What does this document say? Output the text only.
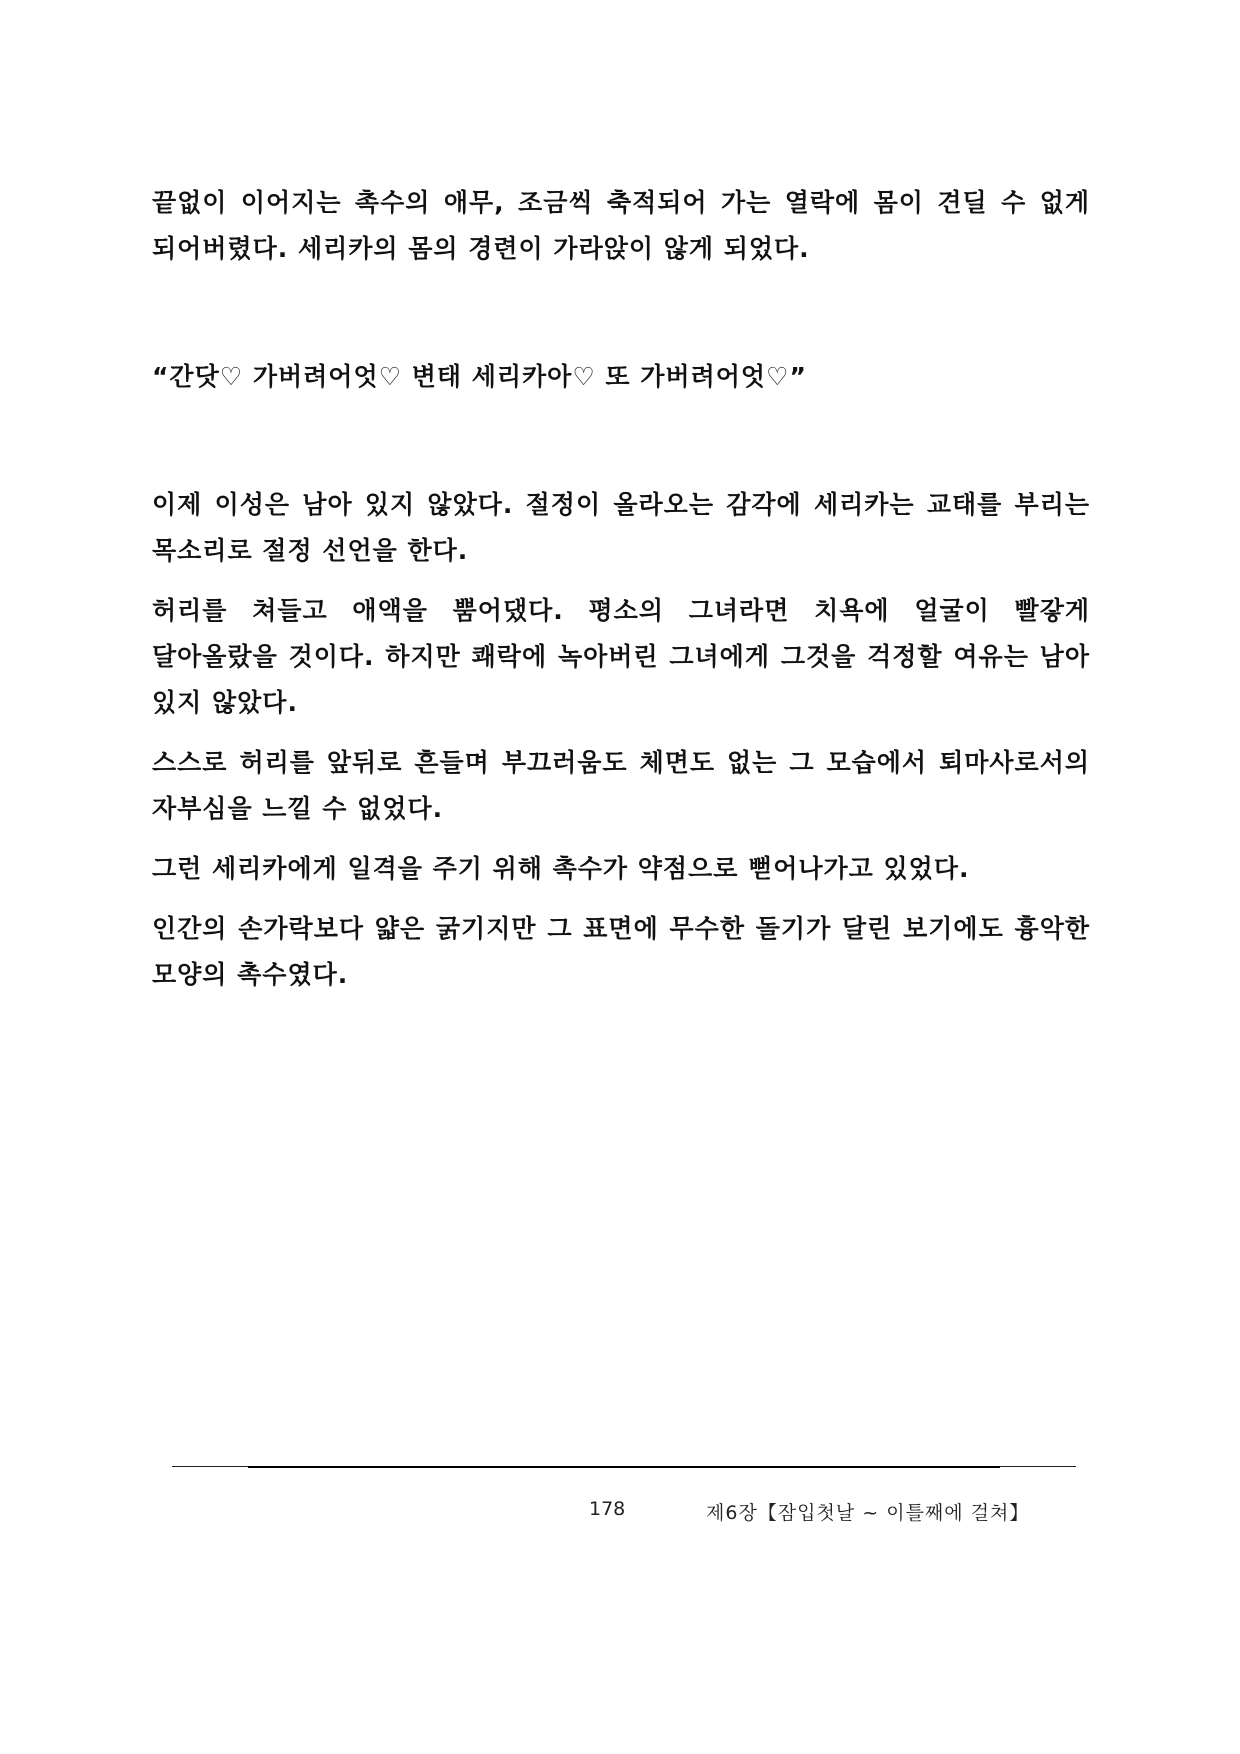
끝없이 이어지는 촉수의 애무, 조금씩 축적되어 가는 열락에 몸이 견딜 수 없게 되어버렸다. 세리카의 몸의 경련이 가라앉이 않게 되었다.

“간닷♡ 가버려어엇♡ 변태 세리카아♡ 또 가버려어엇♡”

이제 이성은 남아 있지 않았다. 절정이 올라오는 감각에 세리카는 교태를 부리는 목소리로 절정 선언을 한다.

허리를 쳐들고 애액을 뿜어댔다. 평소의 그녀라면 치욕에 얼굴이 빨갛게 달아올랐을 것이다. 하지만 쾌락에 녹아버린 그녀에게 그것을 걱정할 여유는 남아 있지 않았다.

스스로 허리를 앞뒤로 흔들며 부끄러움도 체면도 없는 그 모습에서 퇴마사로서의 자부심을 느낄 수 없었다.

그런 세리카에게 일격을 주기 위해 촉수가 약점으로 뻗어나가고 있었다.

인간의 손가락보다 얇은 굵기지만 그 표면에 무수한 돌기가 달린 보기에도 흉악한 모양의 촉수였다.

178	제6장【잠입첫날 ~ 이틀째에 걸쳐】
